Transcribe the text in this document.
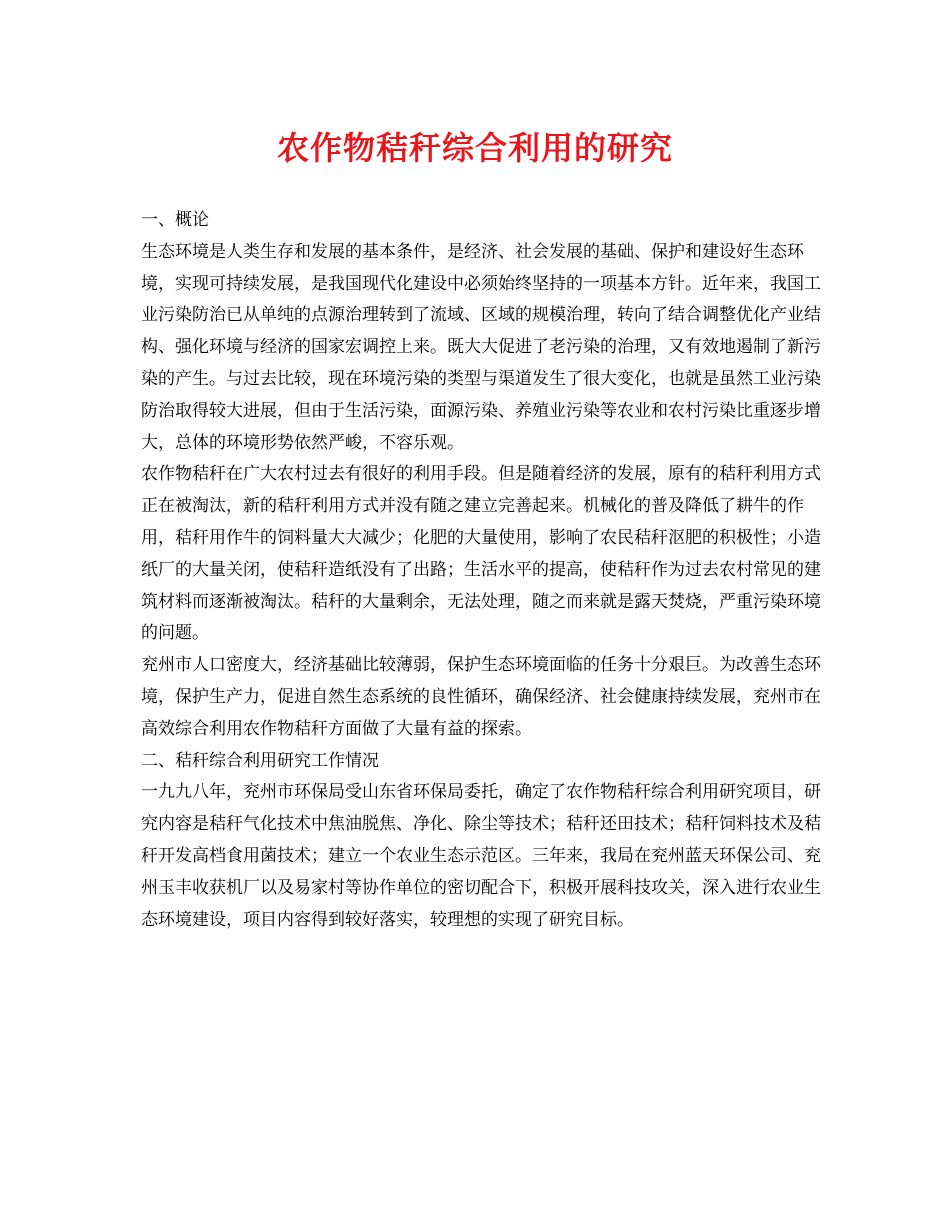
农作物秸秆综合利用的研究

一、概论

生态环境是人类生存和发展的基本条件，是经济、社会发展的基础、保护和建设好生态环境，实现可持续发展，是我国现代化建设中必须始终坚持的一项基本方针。近年来，我国工业污染防治已从单纯的点源治理转到了流域、区域的规模治理，转向了结合调整优化产业结构、强化环境与经济的国家宏调控上来。既大大促进了老污染的治理，又有效地遏制了新污染的产生。与过去比较，现在环境污染的类型与渠道发生了很大变化，也就是虽然工业污染防治取得较大进展，但由于生活污染，面源污染、养殖业污染等农业和农村污染比重逐步增大，总体的环境形势依然严峻，不容乐观。

农作物秸秆在广大农村过去有很好的利用手段。但是随着经济的发展，原有的秸秆利用方式正在被淘汰，新的秸秆利用方式并没有随之建立完善起来。机械化的普及降低了耕牛的作用，秸秆用作牛的饲料量大大减少；化肥的大量使用，影响了农民秸秆沤肥的积极性；小造纸厂的大量关闭，使秸秆造纸没有了出路；生活水平的提高，使秸秆作为过去农村常见的建筑材料而逐渐被淘汰。秸秆的大量剩余，无法处理，随之而来就是露天焚烧，严重污染环境的问题。

兖州市人口密度大，经济基础比较薄弱，保护生态环境面临的任务十分艰巨。为改善生态环境，保护生产力，促进自然生态系统的良性循环，确保经济、社会健康持续发展，兖州市在高效综合利用农作物秸秆方面做了大量有益的探索。

二、秸秆综合利用研究工作情况

一九九八年，兖州市环保局受山东省环保局委托，确定了农作物秸秆综合利用研究项目，研究内容是秸秆气化技术中焦油脱焦、净化、除尘等技术；秸秆还田技术；秸秆饲料技术及秸秆开发高档食用菌技术；建立一个农业生态示范区。三年来，我局在兖州蓝天环保公司、兖州玉丰收获机厂以及易家村等协作单位的密切配合下，积极开展科技攻关，深入进行农业生态环境建设，项目内容得到较好落实，较理想的实现了研究目标。
